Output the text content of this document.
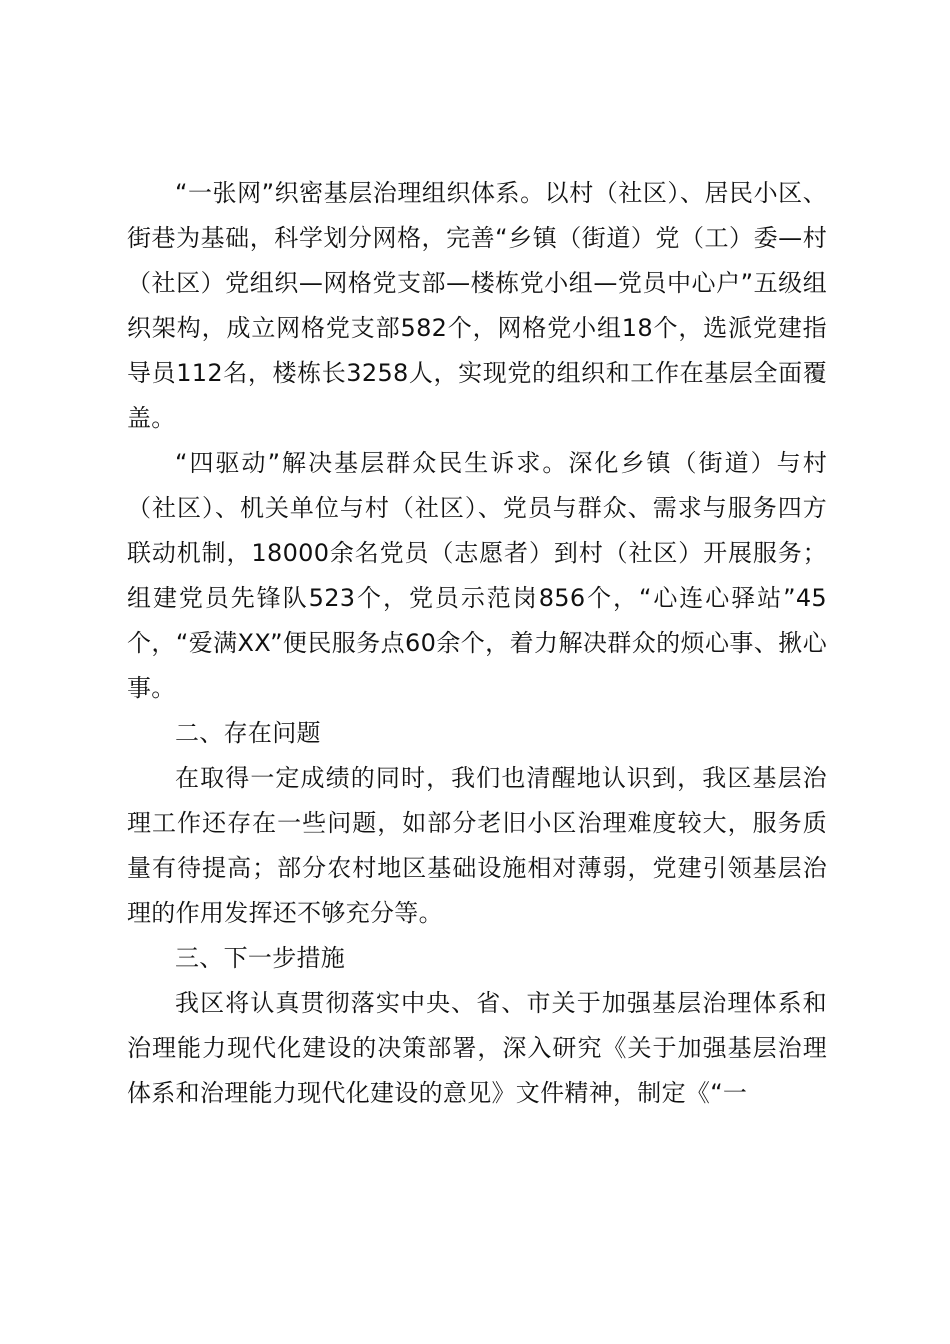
“一张网”织密基层治理组织体系。以村（社区）、居民小区、街巷为基础，科学划分网格，完善“乡镇（街道）党（工）委—村（社区）党组织—网格党支部—楼栋党小组—党员中心户”五级组织架构，成立网格党支部582个，网格党小组18个，选派党建指导员112名，楼栋长3258人，实现党的组织和工作在基层全面覆盖。

“四驱动”解决基层群众民生诉求。深化乡镇（街道）与村（社区）、机关单位与村（社区）、党员与群众、需求与服务四方联动机制，18000余名党员（志愿者）到村（社区）开展服务；组建党员先锋队523个，党员示范岗856个，“心连心驿站”45个，“爱满XX”便民服务点60余个，着力解决群众的烦心事、揪心事。

二、存在问题

在取得一定成绩的同时，我们也清醒地认识到，我区基层治理工作还存在一些问题，如部分老旧小区治理难度较大，服务质量有待提高；部分农村地区基础设施相对薄弱，党建引领基层治理的作用发挥还不够充分等。

三、下一步措施

我区将认真贯彻落实中央、省、市关于加强基层治理体系和治理能力现代化建设的决策部署，深入研究《关于加强基层治理体系和治理能力现代化建设的意见》文件精神，制定《“一
